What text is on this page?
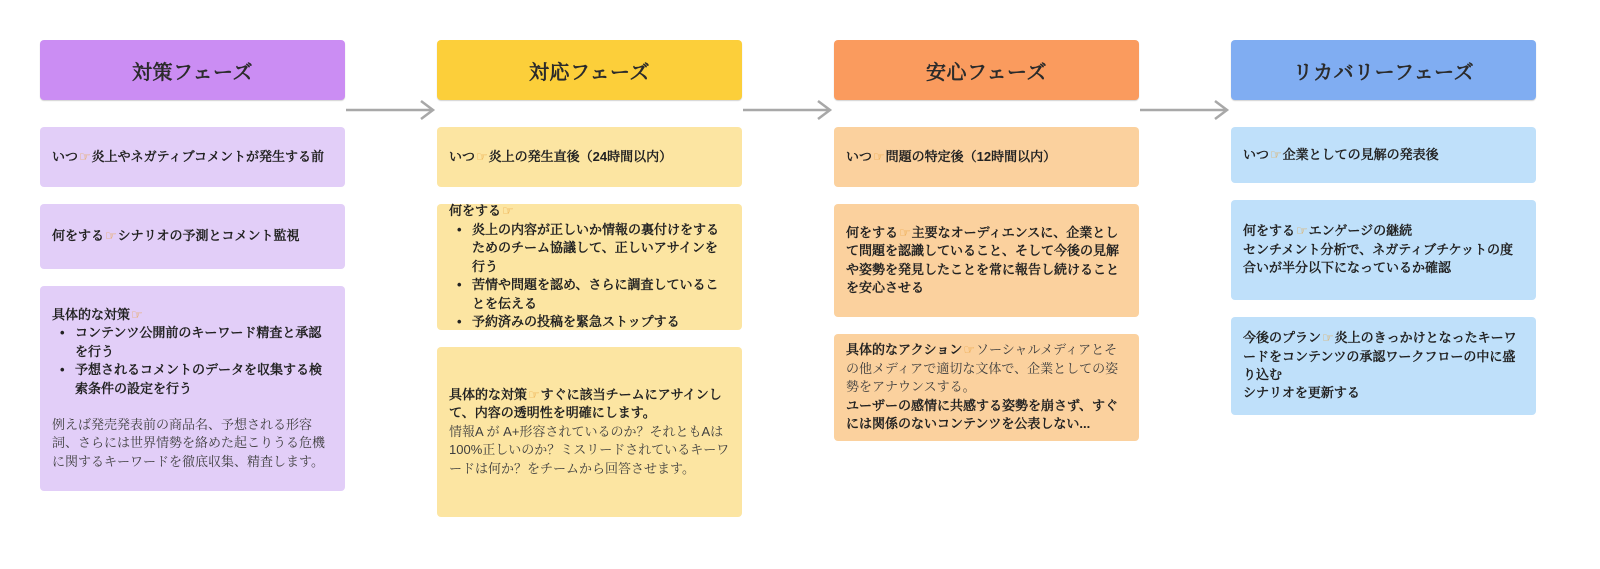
対策フェーズ
いつ☞炎上やネガティブコメントが発生する前
何をする☞シナリオの予測とコメント監視
具体的な対策☞
• コンテンツ公開前のキーワード精査と承認を行う
• 予想されるコメントのデータを収集する検索条件の設定を行う
例えば発売発表前の商品名、予想される形容詞、さらには世界情勢を絡めた起こりうる危機に関するキーワードを徹底収集、精査します。
対応フェーズ
いつ☞炎上の発生直後（24時間以内）
何をする☞
• 炎上の内容が正しいか情報の裏付けをするためのチーム協議して、正しいアサインを行う
• 苦情や問題を認め、さらに調査していることを伝える
• 予約済みの投稿を緊急ストップする
具体的な対策☞すぐに該当チームにアサインして、内容の透明性を明確にします。
情報A が A+形容されているのか？それともAは100%正しいのか？ミスリードされているキーワードは何か？をチームから回答させます。
安心フェーズ
いつ☞問題の特定後（12時間以内）
何をする☞主要なオーディエンスに、企業として問題を認識していること、そして今後の見解や姿勢を発見したことを常に報告し続けることを安心させる
具体的なアクション☞ソーシャルメディアとその他メディアで適切な文体で、企業としての姿勢をアナウンスする。
ユーザーの感情に共感する姿勢を崩さず、すぐには関係のないコンテンツを公表しない...
リカバリーフェーズ
いつ☞企業としての見解の発表後
何をする☞エンゲージの継続
センチメント分析で、ネガティブチケットの度合いが半分以下になっているか確認
今後のプラン☞炎上のきっかけとなったキーワードをコンテンツの承認ワークフローの中に盛り込む
シナリオを更新する
